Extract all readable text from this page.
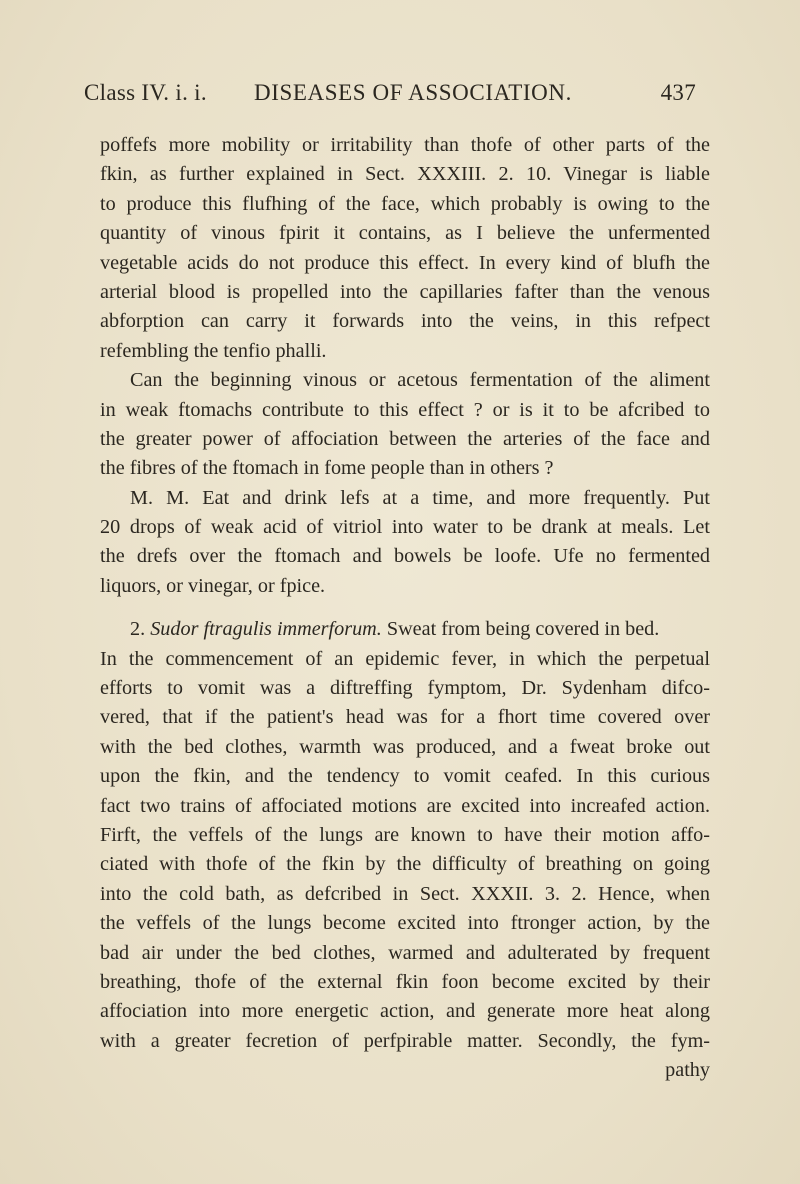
Class IV. i. i. DISEASES OF ASSOCIATION.	437
poffefs more mobility or irritability than thofe of other parts of the
fkin, as further explained in Sect. XXXIII. 2. 10. Vinegar is liable
to produce this flufhing of the face, which probably is owing to the
quantity of vinous fpirit it contains, as I believe the unfermented
vegetable acids do not produce this effect. In every kind of blufh the
arterial blood is propelled into the capillaries fafter than the venous
abforption can carry it forwards into the veins, in this refpect
refembling the tenfio phalli.
Can the beginning vinous or acetous fermentation of the aliment
in weak ftomachs contribute to this effect ? or is it to be afcribed to
the greater power of affociation between the arteries of the face and
the fibres of the ftomach in fome people than in others ?
M. M. Eat and drink lefs at a time, and more frequently. Put
20 drops of weak acid of vitriol into water to be drank at meals. Let
the drefs over the ftomach and bowels be loofe. Ufe no fermented
liquors, or vinegar, or fpice.
2. Sudor ftragulis immerforum. Sweat from being covered in bed.
In the commencement of an epidemic fever, in which the perpetual
efforts to vomit was a diftreffing fymptom, Dr. Sydenham difco-
vered, that if the patient's head was for a fhort time covered over
with the bed clothes, warmth was produced, and a fweat broke out
upon the fkin, and the tendency to vomit ceafed. In this curious
fact two trains of affociated motions are excited into increafed action.
Firft, the veffels of the lungs are known to have their motion affo-
ciated with thofe of the fkin by the difficulty of breathing on going
into the cold bath, as defcribed in Sect. XXXII. 3. 2. Hence, when
the veffels of the lungs become excited into ftronger action, by the
bad air under the bed clothes, warmed and adulterated by frequent
breathing, thofe of the external fkin foon become excited by their
affociation into more energetic action, and generate more heat along
with a greater fecretion of perfpirable matter. Secondly, the fym-
pathy
